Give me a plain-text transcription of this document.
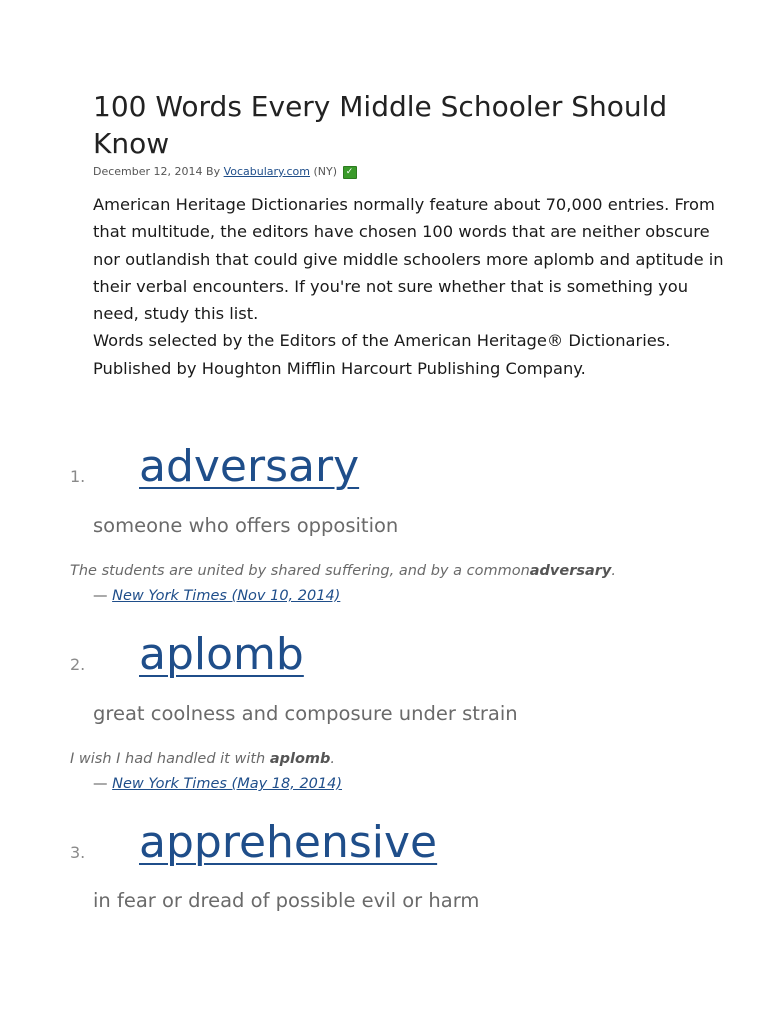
100 Words Every Middle Schooler Should Know
December 12, 2014 By Vocabulary.com (NY) ✓

American Heritage Dictionaries normally feature about 70,000 entries. From that multitude, the editors have chosen 100 words that are neither obscure nor outlandish that could give middle schoolers more aplomb and aptitude in their verbal encounters. If you're not sure whether that is something you need, study this list.

Words selected by the Editors of the American Heritage® Dictionaries. Published by Houghton Mifflin Harcourt Publishing Company.

1. adversary
someone who offers opposition
The students are united by shared suffering, and by a commonadversary.
— New York Times (Nov 10, 2014)
2. aplomb
great coolness and composure under strain
I wish I had handled it with aplomb.
— New York Times (May 18, 2014)
3. apprehensive
in fear or dread of possible evil or harm
